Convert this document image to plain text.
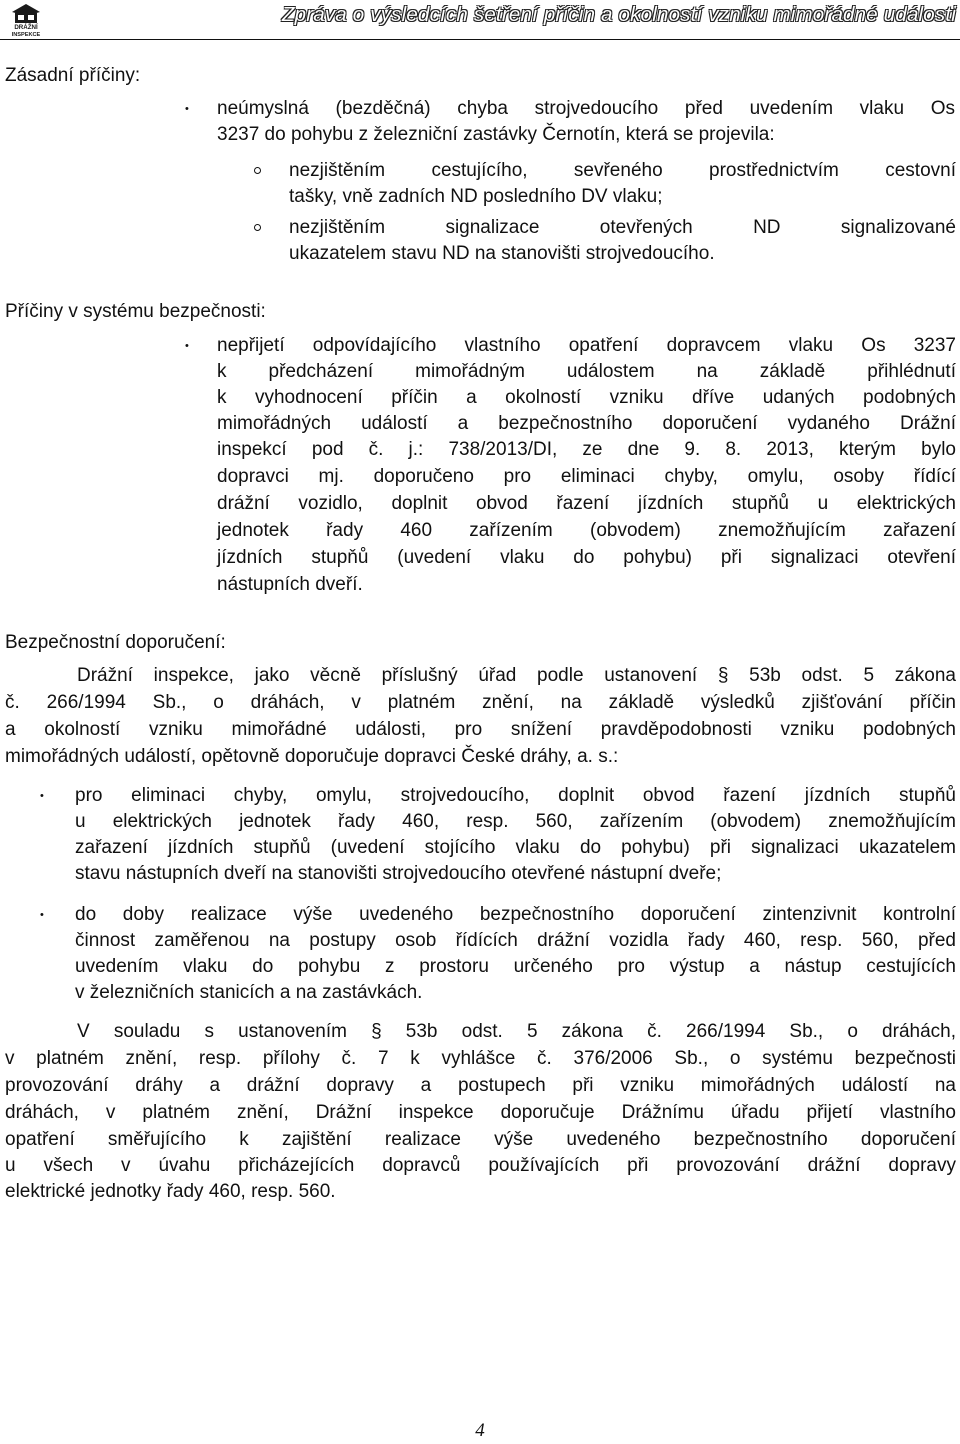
DRÁŽNÍ
INSPEKCE
Zpráva o výsledcích šetření příčin a okolností vzniku mimořádné události
Zásadní příčiny:
• neúmyslná (bezděčná) chyba strojvedoucího před uvedením vlaku Os
3237 do pohybu z železniční zastávky Černotín, která se projevila:
nezjištěním cestujícího, sevřeného prostřednictvím cestovní
tašky, vně zadních ND posledního DV vlaku;
nezjištěním signalizace otevřených ND signalizované
ukazatelem stavu ND na stanovišti strojvedoucího.
Příčiny v systému bezpečnosti:
• nepřijetí odpovídajícího vlastního opatření dopravcem vlaku Os 3237
k předcházení mimořádným událostem na základě přihlédnutí
k vyhodnocení příčin a okolností vzniku dříve udaných podobných
mimořádných událostí a bezpečnostního doporučení vydaného Drážní
inspekcí pod č. j.: 738/2013/DI, ze dne 9. 8. 2013, kterým bylo
dopravci mj. doporučeno pro eliminaci chyby, omylu, osoby řídící
drážní vozidlo, doplnit obvod řazení jízdních stupňů u elektrických
jednotek řady 460 zařízením (obvodem) znemožňujícím zařazení
jízdních stupňů (uvedení vlaku do pohybu) při signalizaci otevření
nástupních dveří.
Bezpečnostní doporučení:
Drážní inspekce, jako věcně příslušný úřad podle ustanovení § 53b odst. 5 zákona
č. 266/1994 Sb., o dráhách, v platném znění, na základě výsledků zjišťování příčin
a okolností vzniku mimořádné události, pro snížení pravděpodobnosti vzniku podobných
mimořádných událostí, opětovně doporučuje dopravci České dráhy, a. s.:
• pro eliminaci chyby, omylu, strojvedoucího, doplnit obvod řazení jízdních stupňů
u elektrických jednotek řady 460, resp. 560, zařízením (obvodem) znemožňujícím
zařazení jízdních stupňů (uvedení stojícího vlaku do pohybu) při signalizaci ukazatelem
stavu nástupních dveří na stanovišti strojvedoucího otevřené nástupní dveře;
• do doby realizace výše uvedeného bezpečnostního doporučení zintenzivnit kontrolní
činnost zaměřenou na postupy osob řídících drážní vozidla řady 460, resp. 560, před
uvedením vlaku do pohybu z prostoru určeného pro výstup a nástup cestujících
v železničních stanicích a na zastávkách.
V souladu s ustanovením § 53b odst. 5 zákona č. 266/1994 Sb., o dráhách,
v platném znění, resp. přílohy č. 7 k vyhlášce č. 376/2006 Sb., o systému bezpečnosti
provozování dráhy a drážní dopravy a postupech při vzniku mimořádných událostí na
dráhách, v platném znění, Drážní inspekce doporučuje Drážnímu úřadu přijetí vlastního
opatření směřujícího k zajištění realizace výše uvedeného bezpečnostního doporučení
u všech v úvahu přicházejících dopravců používajících při provozování drážní dopravy
elektrické jednotky řady 460, resp. 560.
4
